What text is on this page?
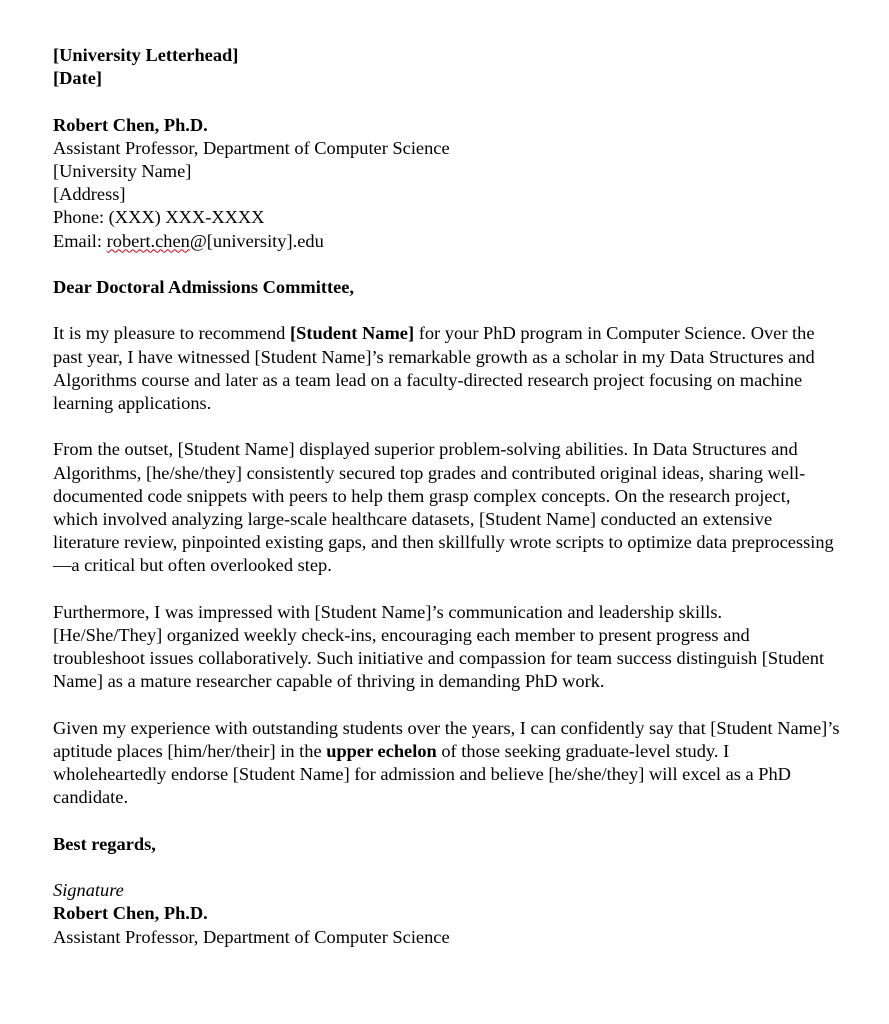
[University Letterhead]
[Date]
Robert Chen, Ph.D.
Assistant Professor, Department of Computer Science
[University Name]
[Address]
Phone: (XXX) XXX-XXXX
Email: robert.chen@[university].edu
Dear Doctoral Admissions Committee,

It is my pleasure to recommend [Student Name] for your PhD program in Computer Science. Over the past year, I have witnessed [Student Name]’s remarkable growth as a scholar in my Data Structures and Algorithms course and later as a team lead on a faculty-directed research project focusing on machine learning applications.

From the outset, [Student Name] displayed superior problem-solving abilities. In Data Structures and Algorithms, [he/she/they] consistently secured top grades and contributed original ideas, sharing well-documented code snippets with peers to help them grasp complex concepts. On the research project, which involved analyzing large-scale healthcare datasets, [Student Name] conducted an extensive literature review, pinpointed existing gaps, and then skillfully wrote scripts to optimize data preprocessing—a critical but often overlooked step.

Furthermore, I was impressed with [Student Name]’s communication and leadership skills. [He/She/They] organized weekly check-ins, encouraging each member to present progress and troubleshoot issues collaboratively. Such initiative and compassion for team success distinguish [Student Name] as a mature researcher capable of thriving in demanding PhD work.

Given my experience with outstanding students over the years, I can confidently say that [Student Name]’s aptitude places [him/her/their] in the upper echelon of those seeking graduate-level study. I wholeheartedly endorse [Student Name] for admission and believe [he/she/they] will excel as a PhD candidate.

Best regards,
Signature
Robert Chen, Ph.D.
Assistant Professor, Department of Computer Science
